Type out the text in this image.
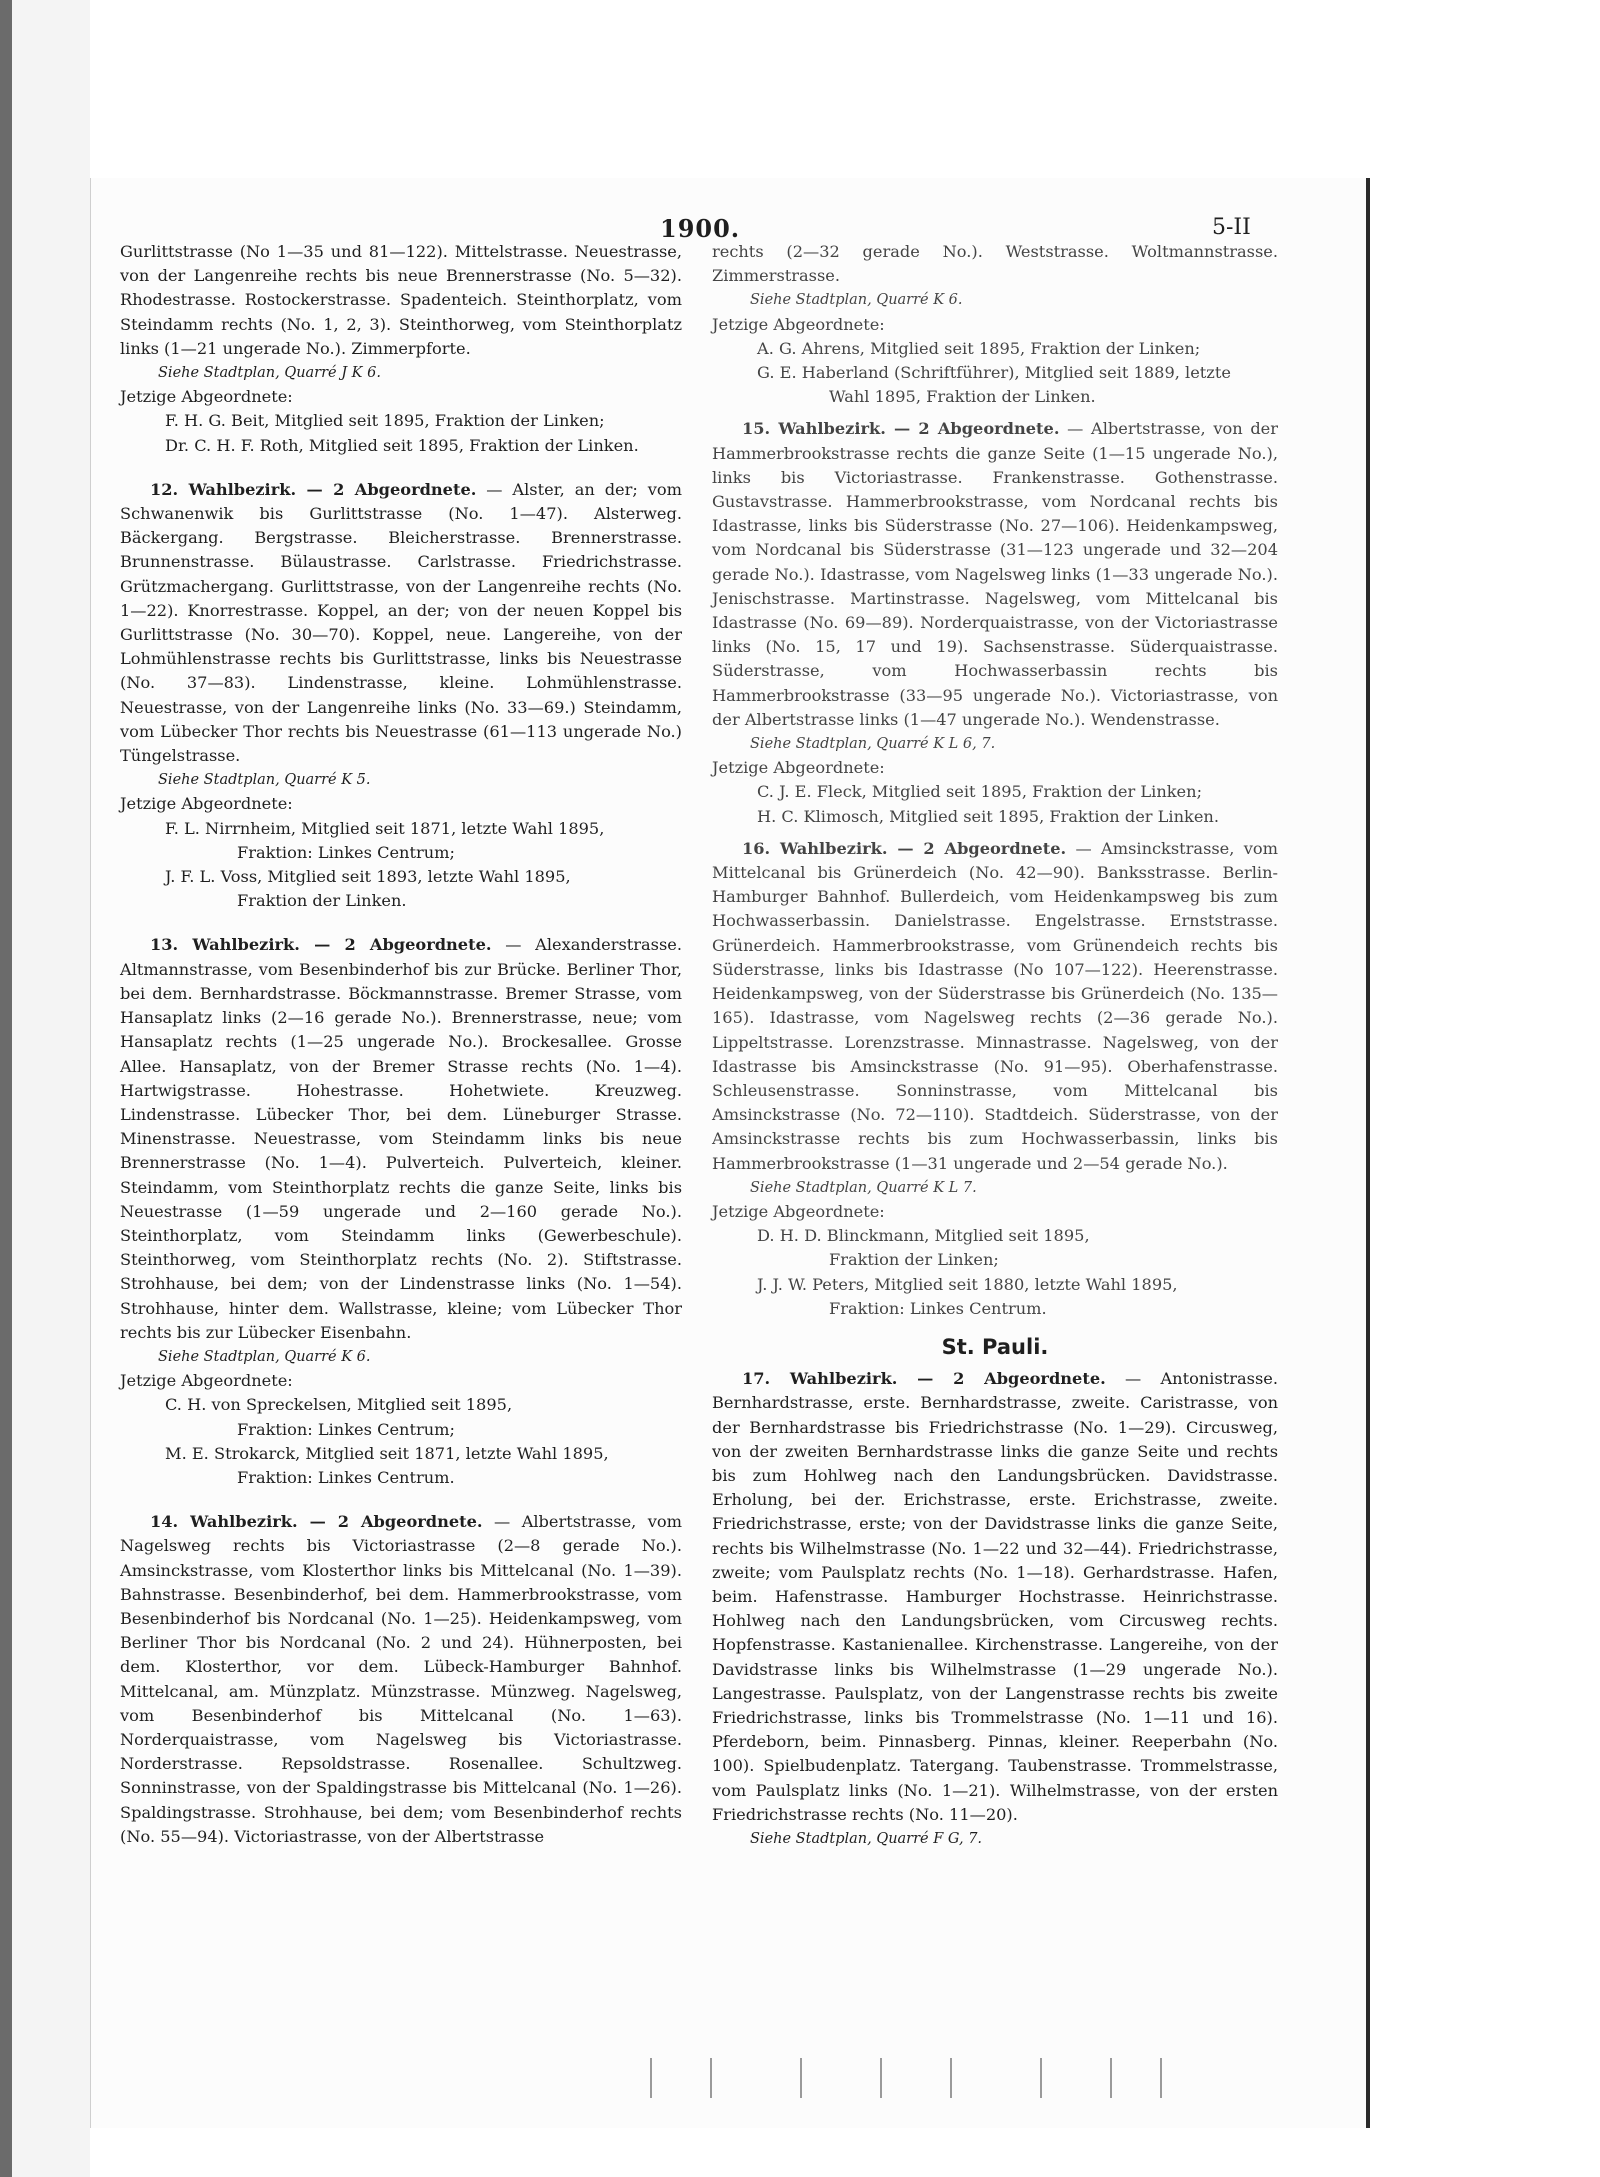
1900.	5-II

Gurlittstrasse (No 1—35 und 81—122). Mittelstrasse. Neuestrasse, von der Langenreihe rechts bis neue Brennerstrasse (No. 5—32). Rhodestrasse. Rostockerstrasse. Spadenteich. Steinthorplatz, vom Steindamm rechts (No. 1, 2, 3). Steinthorweg, vom Steinthorplatz links (1—21 ungerade No.). Zimmerpforte.

Siehe Stadtplan, Quarré J K 6.

Jetzige Abgeordnete:

F. H. G. Beit, Mitglied seit 1895, Fraktion der Linken;

Dr. C. H. F. Roth, Mitglied seit 1895, Fraktion der Linken.

12. Wahlbezirk. — 2 Abgeordnete. — Alster, an der; vom Schwanenwik bis Gurlittstrasse (No. 1—47). Alsterweg. Bäckergang. Bergstrasse. Bleicherstrasse. Brennerstrasse. Brunnenstrasse. Bülaustrasse. Carlstrasse. Friedrichstrasse. Grützmachergang. Gurlittstrasse, von der Langenreihe rechts (No. 1—22). Knorrestrasse. Koppel, an der; von der neuen Koppel bis Gurlittstrasse (No. 30—70). Koppel, neue. Langereihe, von der Lohmühlenstrasse rechts bis Gurlittstrasse, links bis Neuestrasse (No. 37—83). Lindenstrasse, kleine. Lohmühlenstrasse. Neuestrasse, von der Langenreihe links (No. 33—69.) Steindamm, vom Lübecker Thor rechts bis Neuestrasse (61—113 ungerade No.) Tüngelstrasse.

Siehe Stadtplan, Quarré K 5.

Jetzige Abgeordnete:

F. L. Nirrnheim, Mitglied seit 1871, letzte Wahl 1895,
Fraktion: Linkes Centrum;

J. F. L. Voss, Mitglied seit 1893, letzte Wahl 1895,
Fraktion der Linken.

13. Wahlbezirk. — 2 Abgeordnete. — Alexanderstrasse. Altmannstrasse, vom Besenbinderhof bis zur Brücke. Berliner Thor, bei dem. Bernhardstrasse. Böckmannstrasse. Bremer Strasse, vom Hansaplatz links (2—16 gerade No.). Brennerstrasse, neue; vom Hansaplatz rechts (1—25 ungerade No.). Brockesallee. Grosse Allee. Hansaplatz, von der Bremer Strasse rechts (No. 1—4). Hartwigstrasse. Hohestrasse. Hohetwiete. Kreuzweg. Lindenstrasse. Lübecker Thor, bei dem. Lüneburger Strasse. Minenstrasse. Neuestrasse, vom Steindamm links bis neue Brennerstrasse (No. 1—4). Pulverteich. Pulverteich, kleiner. Steindamm, vom Steinthorplatz rechts die ganze Seite, links bis Neuestrasse (1—59 ungerade und 2—160 gerade No.). Steinthorplatz, vom Steindamm links (Gewerbeschule). Steinthorweg, vom Steinthorplatz rechts (No. 2). Stiftstrasse. Strohhause, bei dem; von der Lindenstrasse links (No. 1—54). Strohhause, hinter dem. Wallstrasse, kleine; vom Lübecker Thor rechts bis zur Lübecker Eisenbahn.

Siehe Stadtplan, Quarré K 6.

Jetzige Abgeordnete:

C. H. von Spreckelsen, Mitglied seit 1895,
Fraktion: Linkes Centrum;

M. E. Strokarck, Mitglied seit 1871, letzte Wahl 1895,
Fraktion: Linkes Centrum.

14. Wahlbezirk. — 2 Abgeordnete. — Albertstrasse, vom Nagelsweg rechts bis Victoriastrasse (2—8 gerade No.). Amsinckstrasse, vom Klosterthor links bis Mittelcanal (No. 1—39). Bahnstrasse. Besenbinderhof, bei dem. Hammerbrookstrasse, vom Besenbinderhof bis Nordcanal (No. 1—25). Heidenkampsweg, vom Berliner Thor bis Nordcanal (No. 2 und 24). Hühnerposten, bei dem. Klosterthor, vor dem. Lübeck-Hamburger Bahnhof. Mittelcanal, am. Münzplatz. Münzstrasse. Münzweg. Nagelsweg, vom Besenbinderhof bis Mittelcanal (No. 1—63). Norderquaistrasse, vom Nagelsweg bis Victoriastrasse. Norderstrasse. Repsoldstrasse. Rosenallee. Schultzweg. Sonninstrasse, von der Spaldingstrasse bis Mittelcanal (No. 1—26). Spaldingstrasse. Strohhause, bei dem; vom Besenbinderhof rechts (No. 55—94). Victoriastrasse, von der Albertstrasse

rechts (2—32 gerade No.). Weststrasse. Woltmannstrasse. Zimmerstrasse.

Siehe Stadtplan, Quarré K 6.

Jetzige Abgeordnete:

A. G. Ahrens, Mitglied seit 1895, Fraktion der Linken;

G. E. Haberland (Schriftführer), Mitglied seit 1889, letzte
Wahl 1895, Fraktion der Linken.

15. Wahlbezirk. — 2 Abgeordnete. — Albertstrasse, von der Hammerbrookstrasse rechts die ganze Seite (1—15 ungerade No.), links bis Victoriastrasse. Frankenstrasse. Gothenstrasse. Gustavstrasse. Hammerbrookstrasse, vom Nordcanal rechts bis Idastrasse, links bis Süderstrasse (No. 27—106). Heidenkampsweg, vom Nordcanal bis Süderstrasse (31—123 ungerade und 32—204 gerade No.). Idastrasse, vom Nagelsweg links (1—33 ungerade No.). Jenischstrasse. Martinstrasse. Nagelsweg, vom Mittelcanal bis Idastrasse (No. 69—89). Norderquaistrasse, von der Victoriastrasse links (No. 15, 17 und 19). Sachsenstrasse. Süderquaistrasse. Süderstrasse, vom Hochwasserbassin rechts bis Hammerbrookstrasse (33—95 ungerade No.). Victoriastrasse, von der Albertstrasse links (1—47 ungerade No.). Wendenstrasse.

Siehe Stadtplan, Quarré K L 6, 7.

Jetzige Abgeordnete:

C. J. E. Fleck, Mitglied seit 1895, Fraktion der Linken;

H. C. Klimosch, Mitglied seit 1895, Fraktion der Linken.

16. Wahlbezirk. — 2 Abgeordnete. — Amsinckstrasse, vom Mittelcanal bis Grünerdeich (No. 42—90). Banksstrasse. Berlin-Hamburger Bahnhof. Bullerdeich, vom Heidenkampsweg bis zum Hochwasserbassin. Danielstrasse. Engelstrasse. Ernststrasse. Grünerdeich. Hammerbrookstrasse, vom Grünendeich rechts bis Süderstrasse, links bis Idastrasse (No 107—122). Heerenstrasse. Heidenkampsweg, von der Süderstrasse bis Grünerdeich (No. 135—165). Idastrasse, vom Nagelsweg rechts (2—36 gerade No.). Lippeltstrasse. Lorenzstrasse. Minnastrasse. Nagelsweg, von der Idastrasse bis Amsinckstrasse (No. 91—95). Oberhafenstrasse. Schleusenstrasse. Sonninstrasse, vom Mittelcanal bis Amsinckstrasse (No. 72—110). Stadtdeich. Süderstrasse, von der Amsinckstrasse rechts bis zum Hochwasserbassin, links bis Hammerbrookstrasse (1—31 ungerade und 2—54 gerade No.).

Siehe Stadtplan, Quarré K L 7.

Jetzige Abgeordnete:

D. H. D. Blinckmann, Mitglied seit 1895,
Fraktion der Linken;

J. J. W. Peters, Mitglied seit 1880, letzte Wahl 1895,
Fraktion: Linkes Centrum.

St. Pauli.

17. Wahlbezirk. — 2 Abgeordnete. — Antonistrasse. Bernhardstrasse, erste. Bernhardstrasse, zweite. Caristrasse, von der Bernhardstrasse bis Friedrichstrasse (No. 1—29). Circusweg, von der zweiten Bernhardstrasse links die ganze Seite und rechts bis zum Hohlweg nach den Landungsbrücken. Davidstrasse. Erholung, bei der. Erichstrasse, erste. Erichstrasse, zweite. Friedrichstrasse, erste; von der Davidstrasse links die ganze Seite, rechts bis Wilhelmstrasse (No. 1—22 und 32—44). Friedrichstrasse, zweite; vom Paulsplatz rechts (No. 1—18). Gerhardstrasse. Hafen, beim. Hafenstrasse. Hamburger Hochstrasse. Heinrichstrasse. Hohlweg nach den Landungsbrücken, vom Circusweg rechts. Hopfenstrasse. Kastanienallee. Kirchenstrasse. Langereihe, von der Davidstrasse links bis Wilhelmstrasse (1—29 ungerade No.). Langestrasse. Paulsplatz, von der Langenstrasse rechts bis zweite Friedrichstrasse, links bis Trommelstrasse (No. 1—11 und 16). Pferdeborn, beim. Pinnasberg. Pinnas, kleiner. Reeperbahn (No. 100). Spielbudenplatz. Tatergang. Taubenstrasse. Trommelstrasse, vom Paulsplatz links (No. 1—21). Wilhelmstrasse, von der ersten Friedrichstrasse rechts (No. 11—20).

Siehe Stadtplan, Quarré F G, 7.
